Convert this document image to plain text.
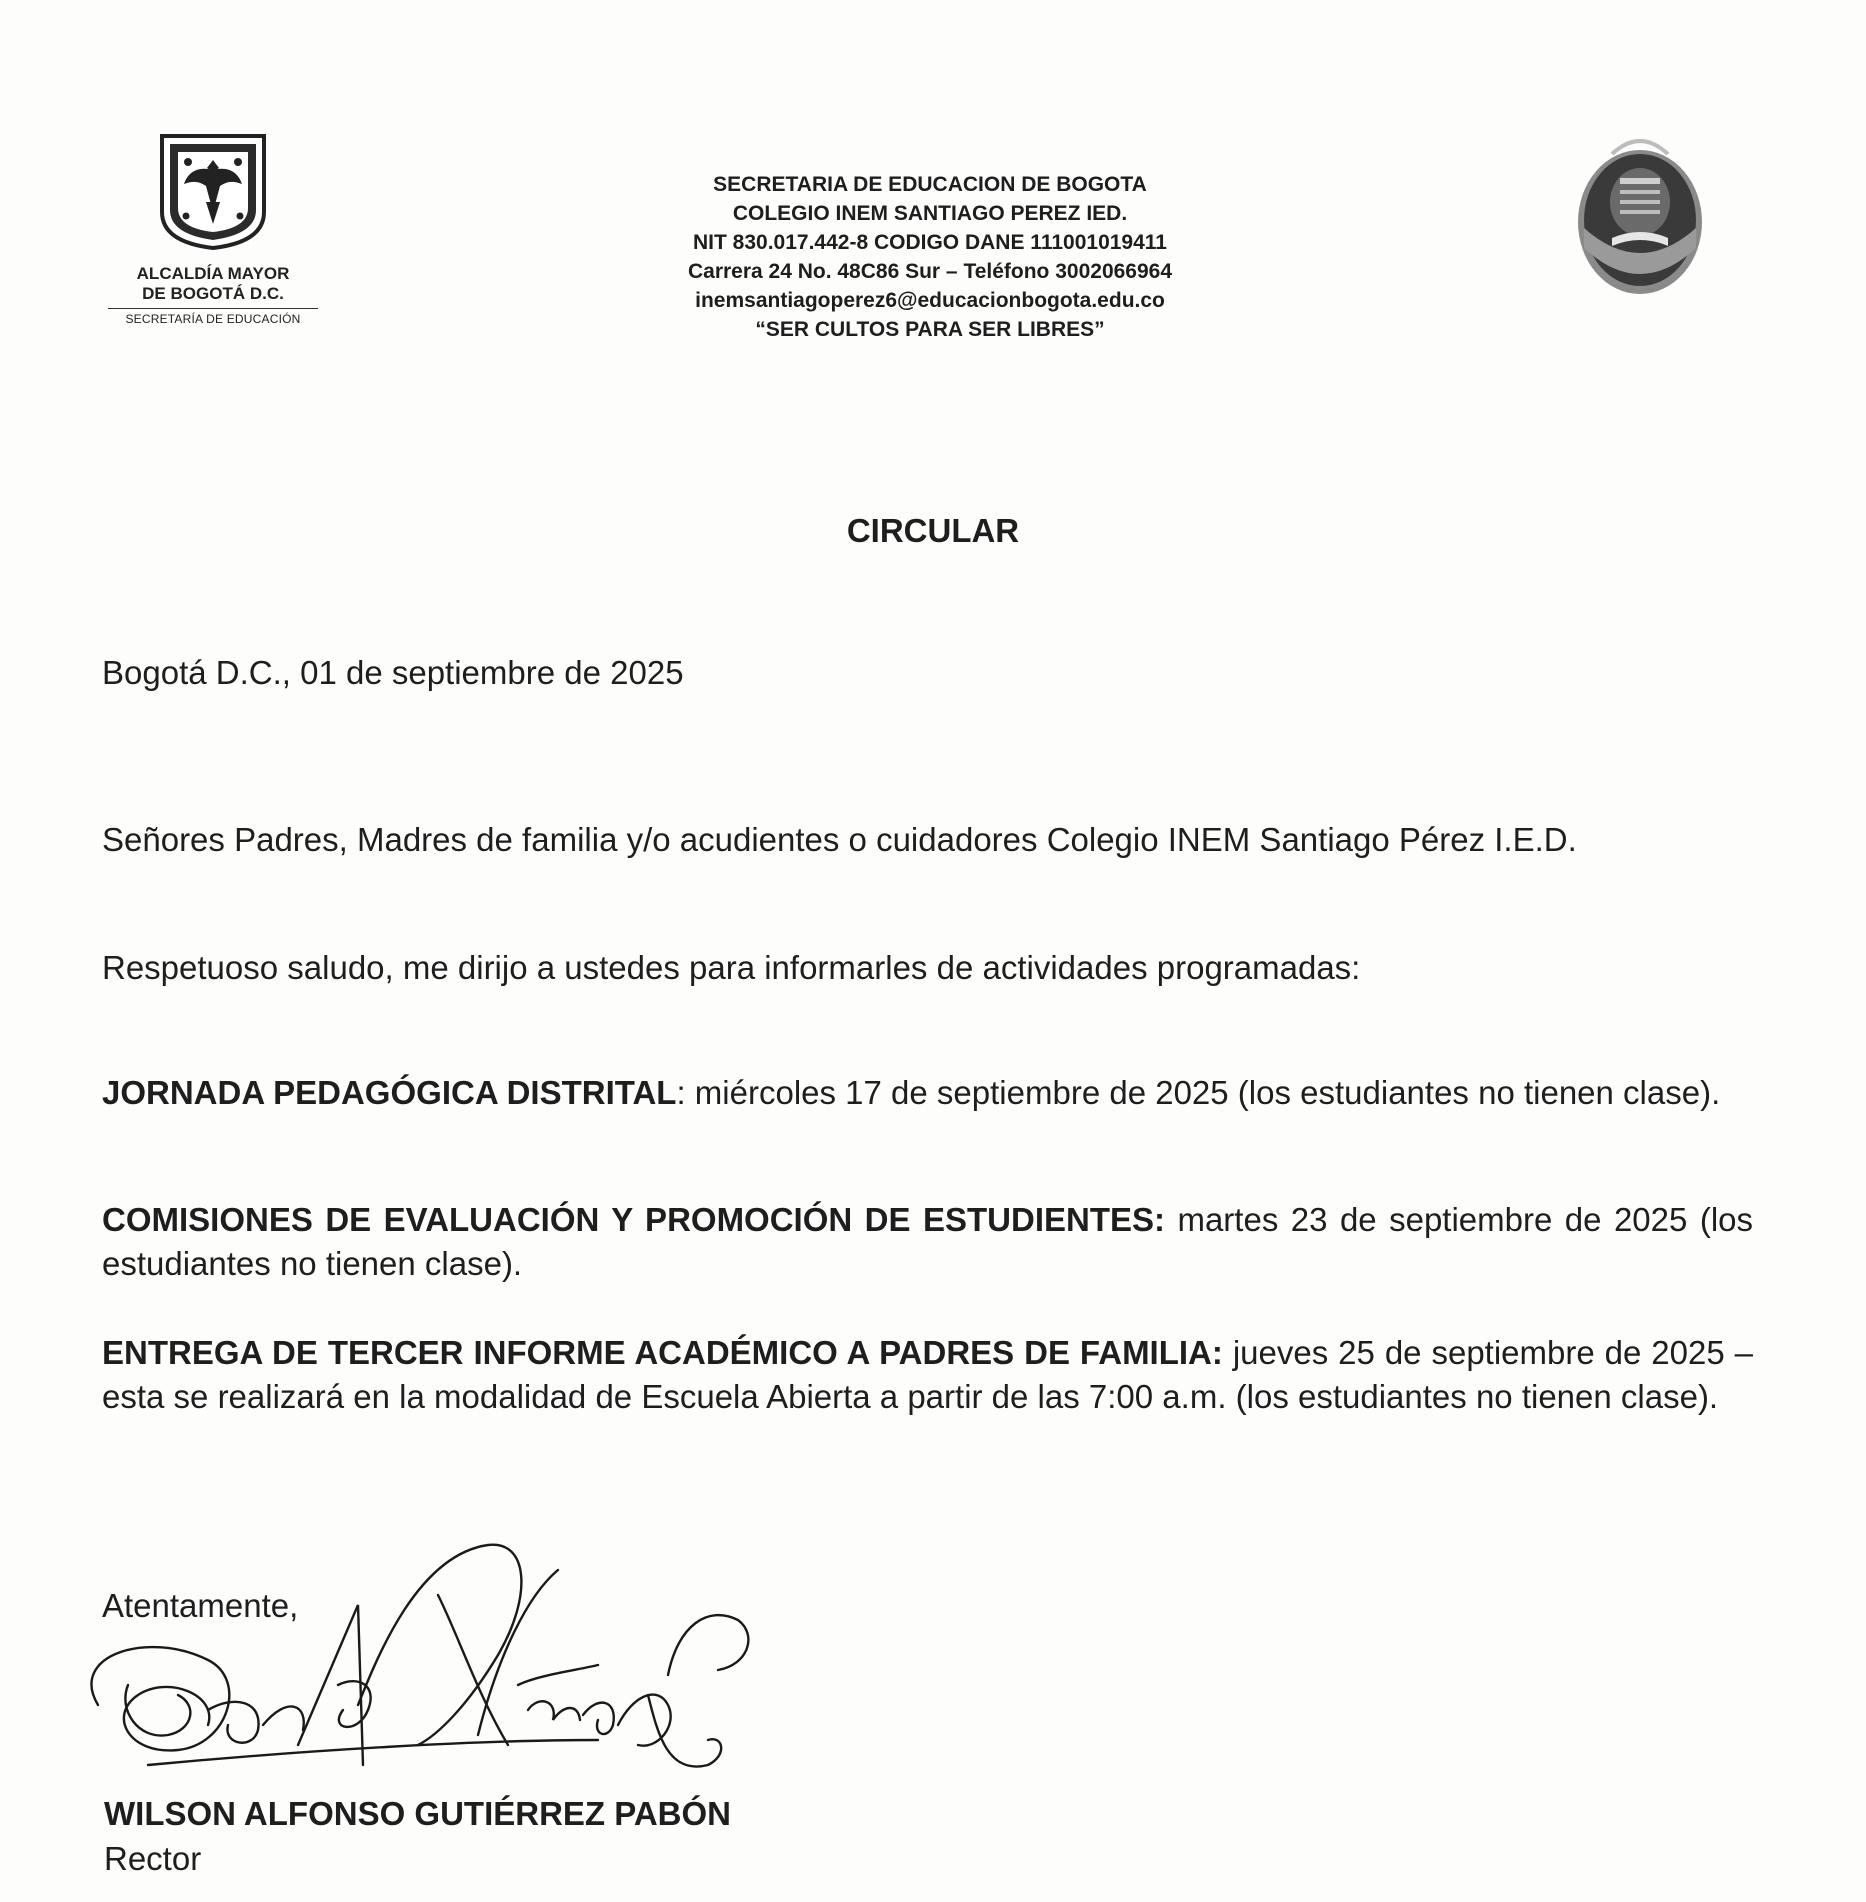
ALCALDÍA MAYOR
DE BOGOTÁ D.C.
SECRETARÍA DE EDUCACIÓN
SECRETARIA DE EDUCACION DE BOGOTA
COLEGIO INEM SANTIAGO PEREZ IED.
NIT 830.017.442-8 CODIGO DANE 111001019411
Carrera 24 No. 48C86 Sur – Teléfono 3002066964
inemsantiagoperez6@educacionbogota.edu.co
“SER CULTOS PARA SER LIBRES”
CIRCULAR
Bogotá D.C., 01 de septiembre de 2025
Señores Padres, Madres de familia y/o acudientes o cuidadores Colegio INEM Santiago Pérez I.E.D.
Respetuoso saludo, me dirijo a ustedes para informarles de actividades programadas:
JORNADA PEDAGÓGICA DISTRITAL: miércoles 17 de septiembre de 2025 (los estudiantes no tienen clase).
COMISIONES DE EVALUACIÓN Y PROMOCIÓN DE ESTUDIENTES: martes 23 de septiembre de 2025 (los estudiantes no tienen clase).
ENTREGA DE TERCER INFORME ACADÉMICO A PADRES DE FAMILIA: jueves 25 de septiembre de 2025 – esta se realizará en la modalidad de Escuela Abierta a partir de las 7:00 a.m. (los estudiantes no tienen clase).
Atentamente,
WILSON ALFONSO GUTIÉRREZ PABÓN
Rector
